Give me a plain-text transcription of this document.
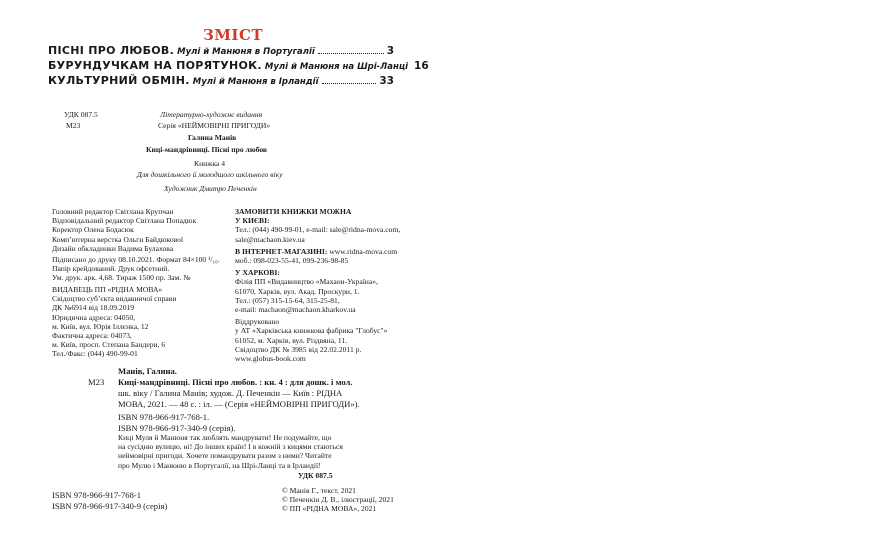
ЗМІСТ
ПІСНІ ПРО ЛЮБОВ. Мулі й Манюня в Португалії	3
БУРУНДУЧКАМ НА ПОРЯТУНОК. Мулі й Манюня на Шрі-Ланці 16
КУЛЬТУРНИЙ ОБМІН. Мулі й Манюня в Ірландії	33
УДК 087.5
М23
Літературно-художнє видання
Серія «НЕЙМОВІРНІ ПРИГОДИ»
Галина Манів
Киці-мандрівниці. Пісні про любов
Книжка 4
Для дошкільного й молодшого шкільного віку
Художник Дмитро Печенкін
Головний редактор Світлана Крупчан
Відповідальний редактор Світлана Попадюк
Коректор Олена Бодасюк
Комп’ютерна верстка Ольги Байдюкової
Дизайн обкладинки Вадима Булахова
Підписано до друку 08.10.2021. Формат 84×100 ¹/₁₆.
Папір крейдований. Друк офсетний.
Ум. друк. арк. 4,68. Тираж 1500 пр. Зам. №
ВИДАВЕЦЬ ПП «РІДНА МОВА»
Свідоцтво суб’єкта видавничої справи
ДК №6914 від 18.09.2019
Юридична адреса: 04050,
м. Київ, вул. Юрія Іллєнка, 12
Фактична адреса: 04073,
м. Київ, просп. Степана Бандери, 6
Тел./Факс: (044) 490-99-01
ЗАМОВИТИ КНИЖКИ МОЖНА
У КИЄВІ:
Тел.: (044) 490-99-01, e-mail: sale@ridna-mova.com,
sale@machaon.kiev.ua
В ІНТЕРНЕТ-МАГАЗИНІ: www.ridna-mova.com
моб.: 098-023-55-41, 099-236-98-85
У ХАРКОВІ:
Філія ПП «Видавництво «Махаон-Україна»,
61070, Харків, вул. Акад. Проскури, 1.
Тел.: (057) 315-15-64, 315-25-81,
e-mail: machaon@machaon.kharkov.ua
Віддруковано
у АТ «Харківська книжкова фабрика "Глобус"»
61052, м. Харків, вул. Рiздвяна, 11.
Свідоцтво ДК № 3985 від 22.02.2011 р.
www.globus-book.com
Манів, Галина.
М23 Киці-мандрівниці. Пісні про любов. : кн. 4 : для дошк. і мол.
шк. віку / Галина Манів; худож. Д. Печенкін — Київ : РІДНА
МОВА, 2021. — 48 с. : іл. — (Серія «НЕЙМОВІРНІ ПРИГОДИ»).
ISBN 978-966-917-768-1.
ISBN 978-966-917-340-9 (серія).
Киці Муля й Манюня так люблять мандрувати! Не подумайте, що
на сусідню вулицю, ні! До інших країн! І в кожній з кицями стаються
неймовірні пригоди. Хочете помандрувати разом з ними? Читайте
про Мулю і Манюню в Португалії, на Шрі-Ланці та в Ірландії!
УДК 087.5
ISBN 978-966-917-768-1
ISBN 978-966-917-340-9 (серія)
© Манів Г., текст, 2021
© Печенкін Д. В., ілюстрації, 2021
© ПП «РІДНА МОВА», 2021
